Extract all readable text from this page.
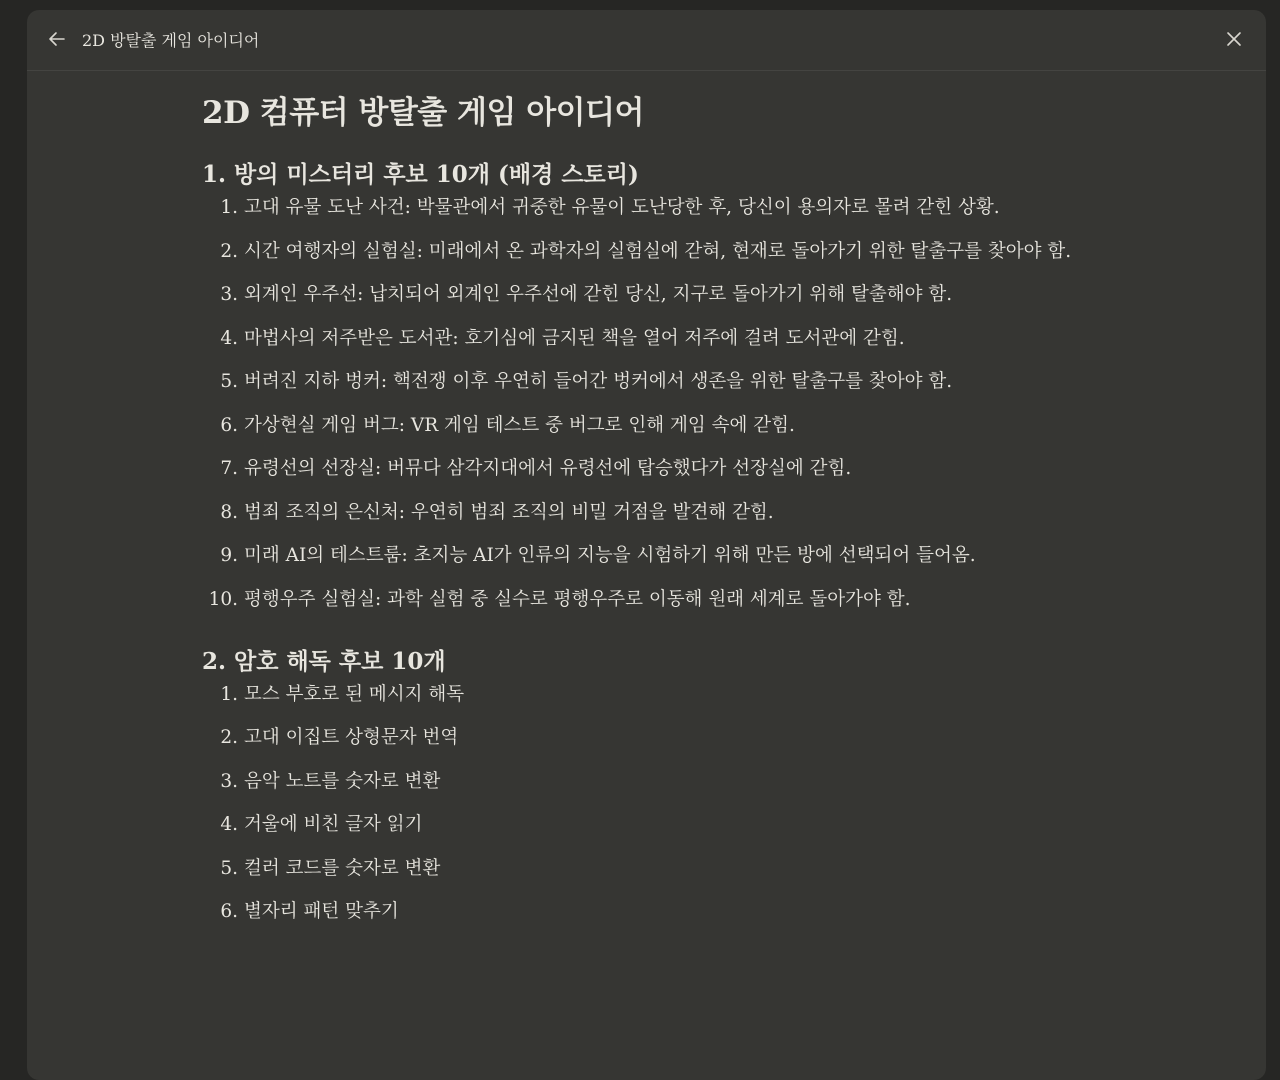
2D 방탈출 게임 아이디어
2D 컴퓨터 방탈출 게임 아이디어
1. 방의 미스터리 후보 10개 (배경 스토리)
1. 고대 유물 도난 사건: 박물관에서 귀중한 유물이 도난당한 후, 당신이 용의자로 몰려 갇힌 상황.
2. 시간 여행자의 실험실: 미래에서 온 과학자의 실험실에 갇혀, 현재로 돌아가기 위한 탈출구를 찾아야 함.
3. 외계인 우주선: 납치되어 외계인 우주선에 갇힌 당신, 지구로 돌아가기 위해 탈출해야 함.
4. 마법사의 저주받은 도서관: 호기심에 금지된 책을 열어 저주에 걸려 도서관에 갇힘.
5. 버려진 지하 벙커: 핵전쟁 이후 우연히 들어간 벙커에서 생존을 위한 탈출구를 찾아야 함.
6. 가상현실 게임 버그: VR 게임 테스트 중 버그로 인해 게임 속에 갇힘.
7. 유령선의 선장실: 버뮤다 삼각지대에서 유령선에 탑승했다가 선장실에 갇힘.
8. 범죄 조직의 은신처: 우연히 범죄 조직의 비밀 거점을 발견해 갇힘.
9. 미래 AI의 테스트룸: 초지능 AI가 인류의 지능을 시험하기 위해 만든 방에 선택되어 들어옴.
10. 평행우주 실험실: 과학 실험 중 실수로 평행우주로 이동해 원래 세계로 돌아가야 함.
2. 암호 해독 후보 10개
1. 모스 부호로 된 메시지 해독
2. 고대 이집트 상형문자 번역
3. 음악 노트를 숫자로 변환
4. 거울에 비친 글자 읽기
5. 컬러 코드를 숫자로 변환
6. 별자리 패턴 맞추기
